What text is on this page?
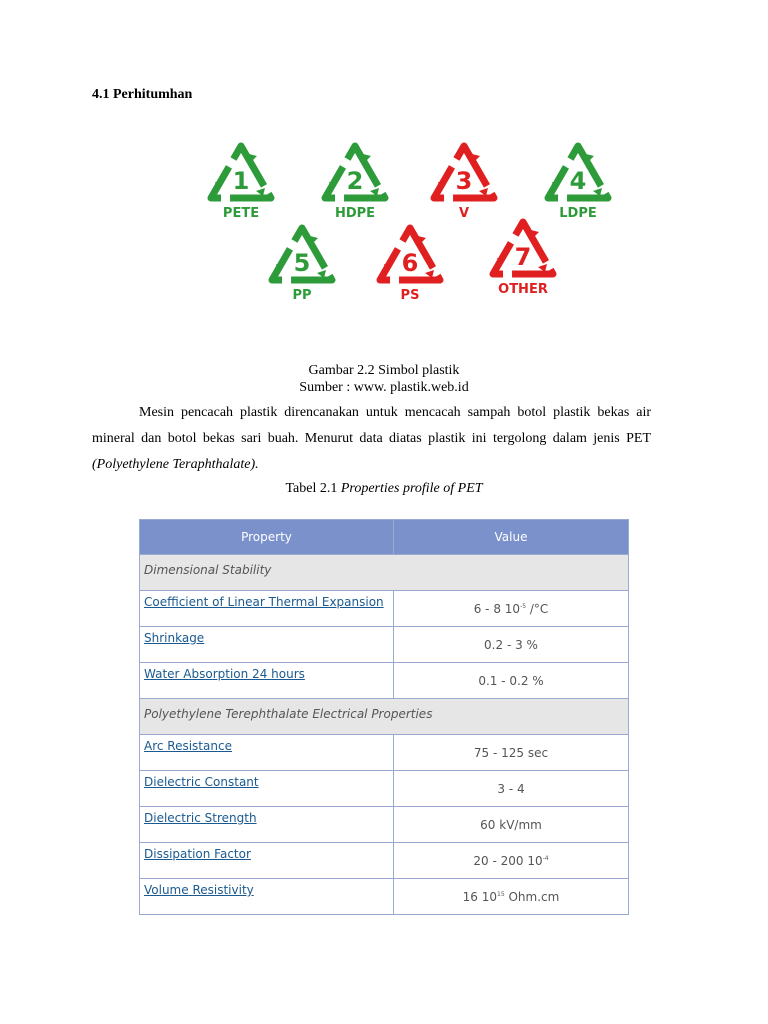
4.1 Perhitumhan
1
PETE
2
HDPE
3
V
4
LDPE
5
PP
6
PS
7
OTHER
Gambar 2.2 Simbol plastik
Sumber : www. plastik.web.id

Mesin pencacah plastik direncanakan untuk mencacah sampah botol plastik bekas air mineral dan botol bekas sari buah. Menurut data diatas plastik ini tergolong dalam jenis PET (Polyethylene Teraphthalate).

Tabel 2.1 Properties profile of PET
Property	Value
Dimensional Stability	
Coefficient of Linear Thermal Expansion	6 - 8 $10^{-5}$ /°C
Shrinkage	0.2 - 3 %
Water Absorption 24 hours	0.1 - 0.2 %
Polyethylene Terephthalate Electrical Properties	
Arc Resistance	75 - 125 sec
Dielectric Constant	3 - 4
Dielectric Strength	60 kV/mm
Dissipation Factor	20 - 200 $10^{-4}$
Volume Resistivity	16 $10^{15}$ Ohm.cm
